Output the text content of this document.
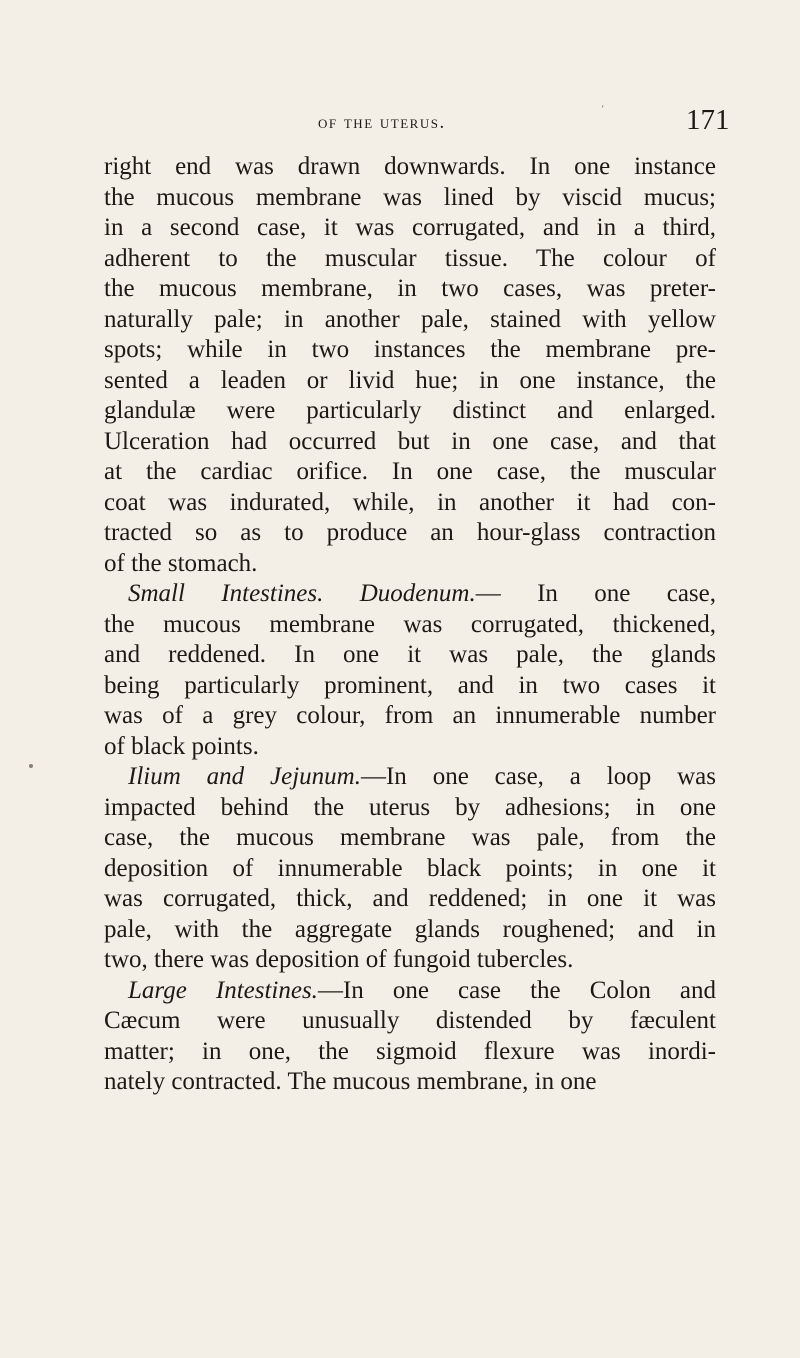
of the uterus.
‘	171
right end was drawn downwards. In one instance
the mucous membrane was lined by viscid mucus;
in a second case, it was corrugated, and in a third,
adherent to the muscular tissue. The colour of
the mucous membrane, in two cases, was preter-
naturally pale; in another pale, stained with yellow
spots; while in two instances the membrane pre-
sented a leaden or livid hue; in one instance, the
glandulæ were particularly distinct and enlarged.
Ulceration had occurred but in one case, and that
at the cardiac orifice. In one case, the muscular
coat was indurated, while, in another it had con-
tracted so as to produce an hour-glass contraction
of the stomach.
Small Intestines. Duodenum.— In one case,
the mucous membrane was corrugated, thickened,
and reddened. In one it was pale, the glands
being particularly prominent, and in two cases it
was of a grey colour, from an innumerable number
of black points.
Ilium and Jejunum.—In one case, a loop was
impacted behind the uterus by adhesions; in one
case, the mucous membrane was pale, from the
deposition of innumerable black points; in one it
was corrugated, thick, and reddened; in one it was
pale, with the aggregate glands roughened; and in
two, there was deposition of fungoid tubercles.
Large Intestines.—In one case the Colon and
Cæcum were unusually distended by fæculent
matter; in one, the sigmoid flexure was inordi-
nately contracted. The mucous membrane, in one
